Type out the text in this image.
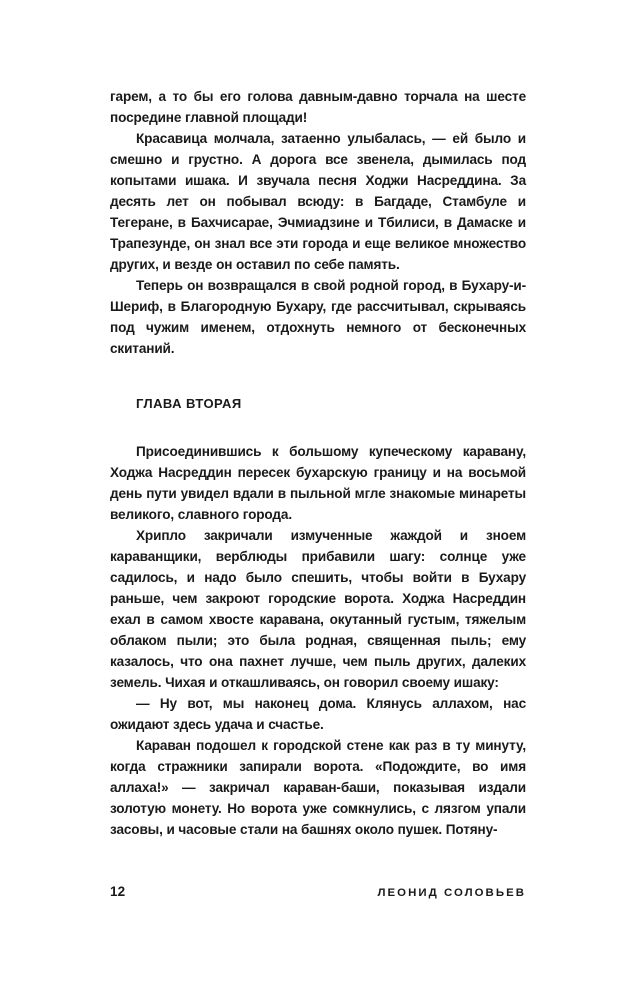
гарем, а то бы его голова давным-давно торчала на шесте посредине главной площади!

Красавица молчала, затаенно улыбалась, — ей было и смешно и грустно. А дорога все звенела, дымилась под копытами ишака. И звучала песня Ходжи Насреддина. За десять лет он побывал всюду: в Багдаде, Стамбуле и Тегеране, в Бахчисарае, Эчмиадзине и Тбилиси, в Дамаске и Трапезунде, он знал все эти города и еще великое множество других, и везде он оставил по себе память.

Теперь он возвращался в свой родной город, в Бухару-и-Шериф, в Благородную Бухару, где рассчитывал, скрываясь под чужим именем, отдохнуть немного от бесконечных скитаний.

ГЛАВА ВТОРАЯ

Присоединившись к большому купеческому каравану, Ходжа Насреддин пересек бухарскую границу и на восьмой день пути увидел вдали в пыльной мгле знакомые минареты великого, славного города.

Хрипло закричали измученные жаждой и зноем караванщики, верблюды прибавили шагу: солнце уже садилось, и надо было спешить, чтобы войти в Бухару раньше, чем закроют городские ворота. Ходжа Насреддин ехал в самом хвосте каравана, окутанный густым, тяжелым облаком пыли; это была родная, священная пыль; ему казалось, что она пахнет лучше, чем пыль других, далеких земель. Чихая и откашливаясь, он говорил своему ишаку:

— Ну вот, мы наконец дома. Клянусь аллахом, нас ожидают здесь удача и счастье.

Караван подошел к городской стене как раз в ту минуту, когда стражники запирали ворота. «Подождите, во имя аллаха!» — закричал караван-баши, показывая издали золотую монету. Но ворота уже сомкнулись, с лязгом упали засовы, и часовые стали на башнях около пушек. Потяну-

12	ЛЕОНИД СОЛОВЬЕВ
